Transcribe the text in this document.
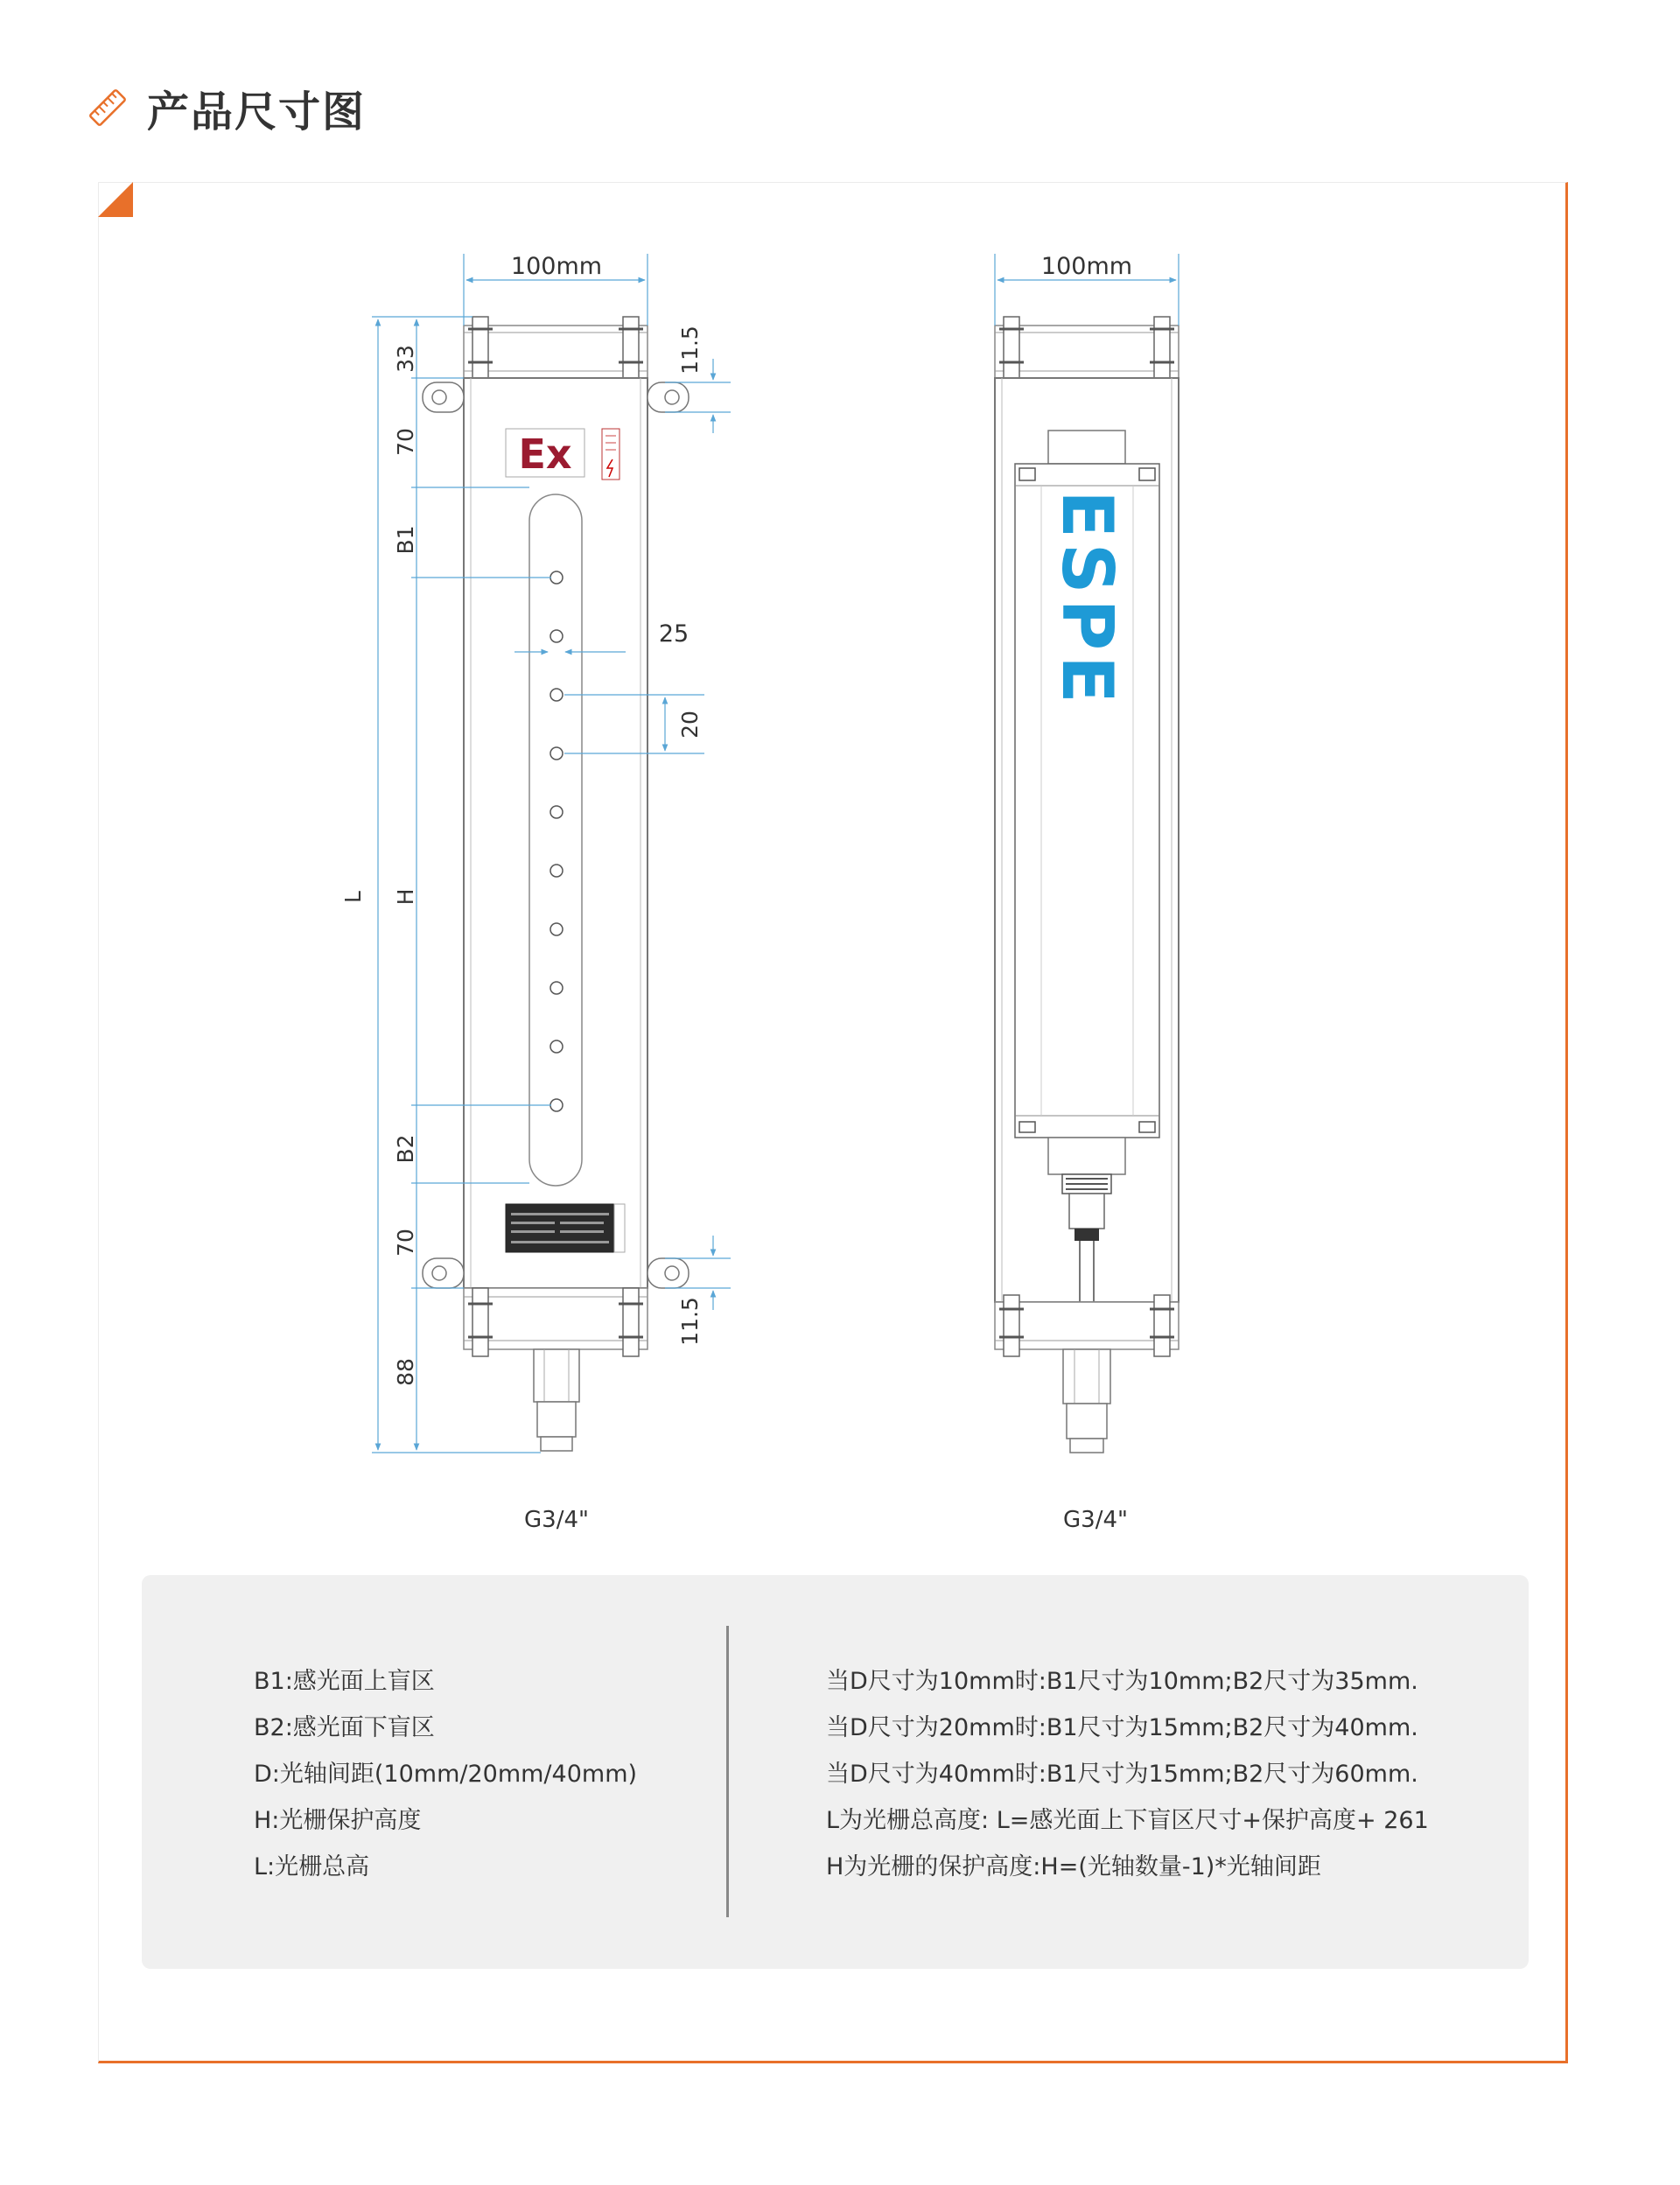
产品尺寸图
Ex
100mm
33
70
B1
H
B2
70
88
L
11.5
11.5
25
20
G3/4"
ESPE
100mm
G3/4"
B1:感光面上盲区
B2:感光面下盲区
D:光轴间距(10mm/20mm/40mm)
H:光栅保护高度
L:光栅总高
当D尺寸为10mm时:B1尺寸为10mm;B2尺寸为35mm.
当D尺寸为20mm时:B1尺寸为15mm;B2尺寸为40mm.
当D尺寸为40mm时:B1尺寸为15mm;B2尺寸为60mm.
L为光栅总高度: L=感光面上下盲区尺寸+保护高度+ 261
H为光栅的保护高度:H=(光轴数量-1)*光轴间距
